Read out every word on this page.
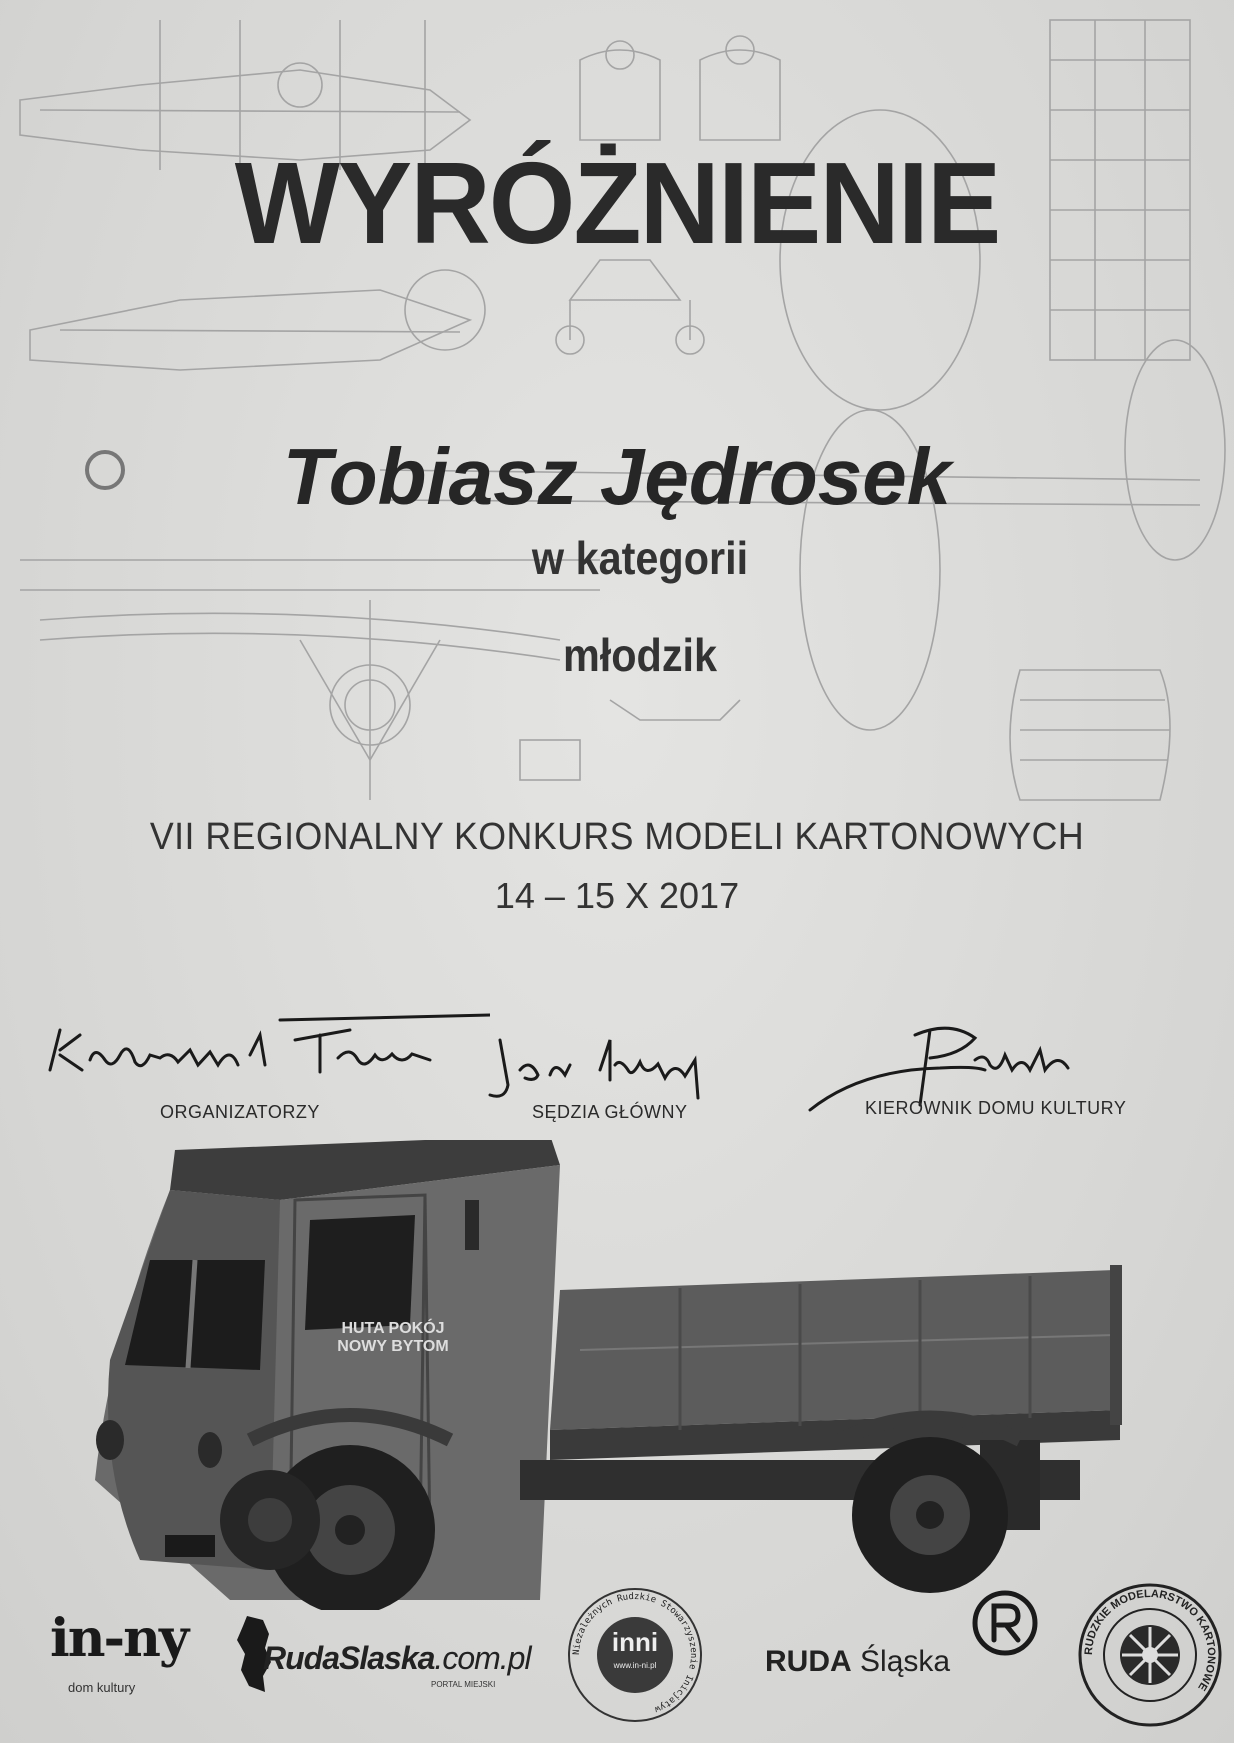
WYRÓŻNIENIE
Tobiasz Jędrosek
w kategorii
młodzik
VII REGIONALNY KONKURS MODELI KARTONOWYCH
14 – 15 X 2017
ORGANIZATORZY	SĘDZIA GŁÓWNY	KIEROWNIK DOMU KULTURY
HUTA POKÓJ
NOWY BYTOM
in-ny
dom kultury
RudaSlaska.com.pl
PORTAL MIEJSKI
Niezależnych Rudzkie Stowarzyszenie Inicjatyw
inni
www.in-ni.pl	RUDA Śląska	RUDZKIE MODELARSTWO KARTONOWE
